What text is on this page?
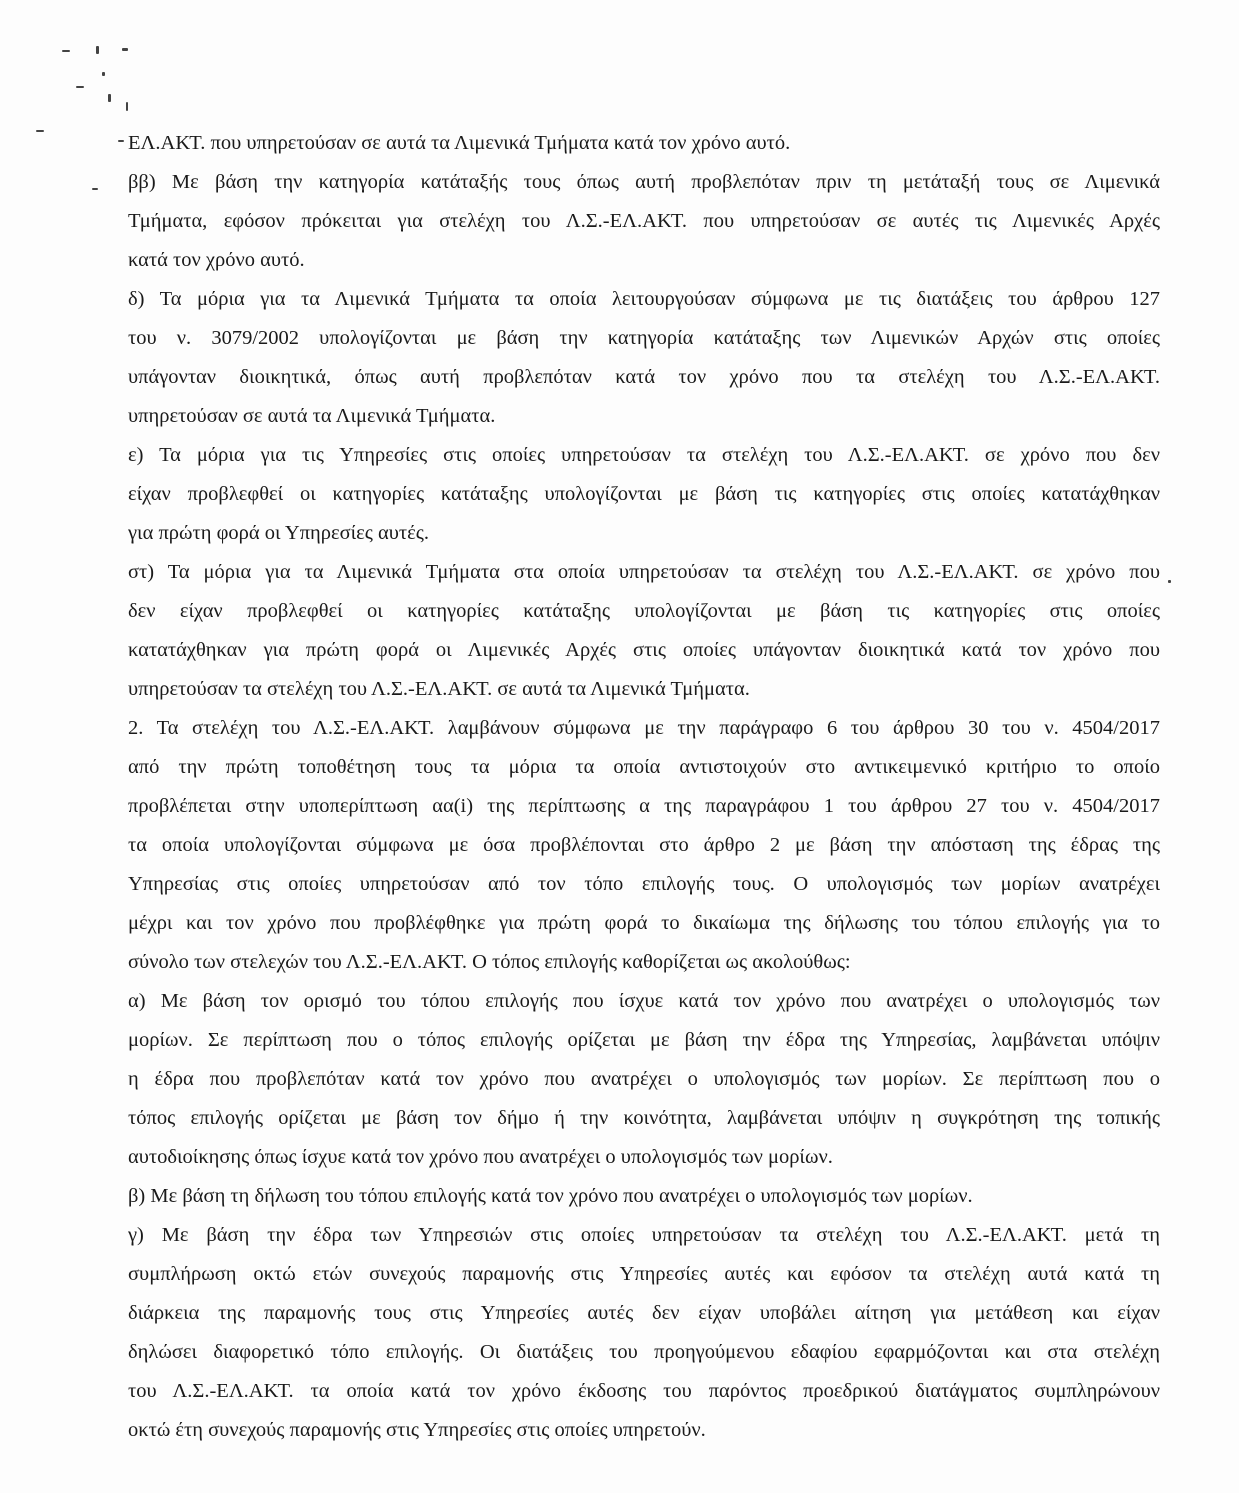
ΕΛ.ΑΚΤ. που υπηρετούσαν σε αυτά τα Λιμενικά Τμήματα κατά τον χρόνο αυτό.
ββ) Με βάση την κατηγορία κατάταξής τους όπως αυτή προβλεπόταν πριν τη μετάταξή τους σε Λιμενικά
Τμήματα, εφόσον πρόκειται για στελέχη του Λ.Σ.-ΕΛ.ΑΚΤ. που υπηρετούσαν σε αυτές τις Λιμενικές Αρχές
κατά τον χρόνο αυτό.
δ) Τα μόρια για τα Λιμενικά Τμήματα τα οποία λειτουργούσαν σύμφωνα με τις διατάξεις του άρθρου 127
του ν. 3079/2002 υπολογίζονται με βάση την κατηγορία κατάταξης των Λιμενικών Αρχών στις οποίες
υπάγονταν διοικητικά, όπως αυτή προβλεπόταν κατά τον χρόνο που τα στελέχη του Λ.Σ.-ΕΛ.ΑΚΤ.
υπηρετούσαν σε αυτά τα Λιμενικά Τμήματα.
ε) Τα μόρια για τις Υπηρεσίες στις οποίες υπηρετούσαν τα στελέχη του Λ.Σ.-ΕΛ.ΑΚΤ. σε χρόνο που δεν
είχαν προβλεφθεί οι κατηγορίες κατάταξης υπολογίζονται με βάση τις κατηγορίες στις οποίες κατατάχθηκαν
για πρώτη φορά οι Υπηρεσίες αυτές.
στ) Τα μόρια για τα Λιμενικά Τμήματα στα οποία υπηρετούσαν τα στελέχη του Λ.Σ.-ΕΛ.ΑΚΤ. σε χρόνο που
δεν είχαν προβλεφθεί οι κατηγορίες κατάταξης υπολογίζονται με βάση τις κατηγορίες στις οποίες
κατατάχθηκαν για πρώτη φορά οι Λιμενικές Αρχές στις οποίες υπάγονταν διοικητικά κατά τον χρόνο που
υπηρετούσαν τα στελέχη του Λ.Σ.-ΕΛ.ΑΚΤ. σε αυτά τα Λιμενικά Τμήματα.
2. Τα στελέχη του Λ.Σ.-ΕΛ.ΑΚΤ. λαμβάνουν σύμφωνα με την παράγραφο 6 του άρθρου 30 του ν. 4504/2017
από την πρώτη τοποθέτηση τους τα μόρια τα οποία αντιστοιχούν στο αντικειμενικό κριτήριο το οποίο
προβλέπεται στην υποπερίπτωση αα(i) της περίπτωσης α της παραγράφου 1 του άρθρου 27 του ν. 4504/2017
τα οποία υπολογίζονται σύμφωνα με όσα προβλέπονται στο άρθρο 2 με βάση την απόσταση της έδρας της
Υπηρεσίας στις οποίες υπηρετούσαν από τον τόπο επιλογής τους. Ο υπολογισμός των μορίων ανατρέχει
μέχρι και τον χρόνο που προβλέφθηκε για πρώτη φορά το δικαίωμα της δήλωσης του τόπου επιλογής για το
σύνολο των στελεχών του Λ.Σ.-ΕΛ.ΑΚΤ. Ο τόπος επιλογής καθορίζεται ως ακολούθως:
α) Με βάση τον ορισμό του τόπου επιλογής που ίσχυε κατά τον χρόνο που ανατρέχει ο υπολογισμός των
μορίων. Σε περίπτωση που ο τόπος επιλογής ορίζεται με βάση την έδρα της Υπηρεσίας, λαμβάνεται υπόψιν
η έδρα που προβλεπόταν κατά τον χρόνο που ανατρέχει ο υπολογισμός των μορίων. Σε περίπτωση που ο
τόπος επιλογής ορίζεται με βάση τον δήμο ή την κοινότητα, λαμβάνεται υπόψιν η συγκρότηση της τοπικής
αυτοδιοίκησης όπως ίσχυε κατά τον χρόνο που ανατρέχει ο υπολογισμός των μορίων.
β) Με βάση τη δήλωση του τόπου επιλογής κατά τον χρόνο που ανατρέχει ο υπολογισμός των μορίων.
γ) Με βάση την έδρα των Υπηρεσιών στις οποίες υπηρετούσαν τα στελέχη του Λ.Σ.-ΕΛ.ΑΚΤ. μετά τη
συμπλήρωση οκτώ ετών συνεχούς παραμονής στις Υπηρεσίες αυτές και εφόσον τα στελέχη αυτά κατά τη
διάρκεια της παραμονής τους στις Υπηρεσίες αυτές δεν είχαν υποβάλει αίτηση για μετάθεση και είχαν
δηλώσει διαφορετικό τόπο επιλογής. Οι διατάξεις του προηγούμενου εδαφίου εφαρμόζονται και στα στελέχη
του Λ.Σ.-ΕΛ.ΑΚΤ. τα οποία κατά τον χρόνο έκδοσης του παρόντος προεδρικού διατάγματος συμπληρώνουν
οκτώ έτη συνεχούς παραμονής στις Υπηρεσίες στις οποίες υπηρετούν.
